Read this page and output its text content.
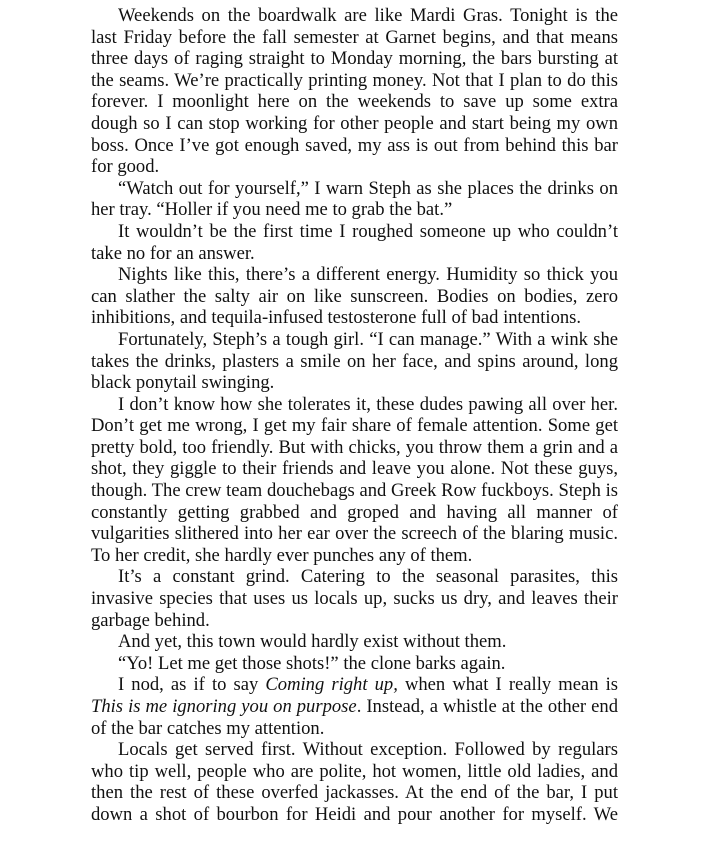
Weekends on the boardwalk are like Mardi Gras. Tonight is the last Friday before the fall semester at Garnet begins, and that means three days of raging straight to Monday morning, the bars bursting at the seams. We’re practically printing money. Not that I plan to do this forever. I moonlight here on the weekends to save up some extra dough so I can stop working for other people and start being my own boss. Once I’ve got enough saved, my ass is out from behind this bar for good.

“Watch out for yourself,” I warn Steph as she places the drinks on her tray. “Holler if you need me to grab the bat.”

It wouldn’t be the first time I roughed someone up who couldn’t take no for an answer.

Nights like this, there’s a different energy. Humidity so thick you can slather the salty air on like sunscreen. Bodies on bodies, zero inhibitions, and tequila-infused testosterone full of bad intentions.

Fortunately, Steph’s a tough girl. “I can manage.” With a wink she takes the drinks, plasters a smile on her face, and spins around, long black ponytail swinging.

I don’t know how she tolerates it, these dudes pawing all over her. Don’t get me wrong, I get my fair share of female attention. Some get pretty bold, too friendly. But with chicks, you throw them a grin and a shot, they giggle to their friends and leave you alone. Not these guys, though. The crew team douchebags and Greek Row fuckboys. Steph is constantly getting grabbed and groped and having all manner of vulgarities slithered into her ear over the screech of the blaring music. To her credit, she hardly ever punches any of them.

It’s a constant grind. Catering to the seasonal parasites, this invasive species that uses us locals up, sucks us dry, and leaves their garbage behind.

And yet, this town would hardly exist without them.

“Yo! Let me get those shots!” the clone barks again.

I nod, as if to say Coming right up, when what I really mean is This is me ignoring you on purpose. Instead, a whistle at the other end of the bar catches my attention.

Locals get served first. Without exception. Followed by regulars who tip well, people who are polite, hot women, little old ladies, and then the rest of these overfed jackasses. At the end of the bar, I put down a shot of bourbon for Heidi and pour another for myself. We
